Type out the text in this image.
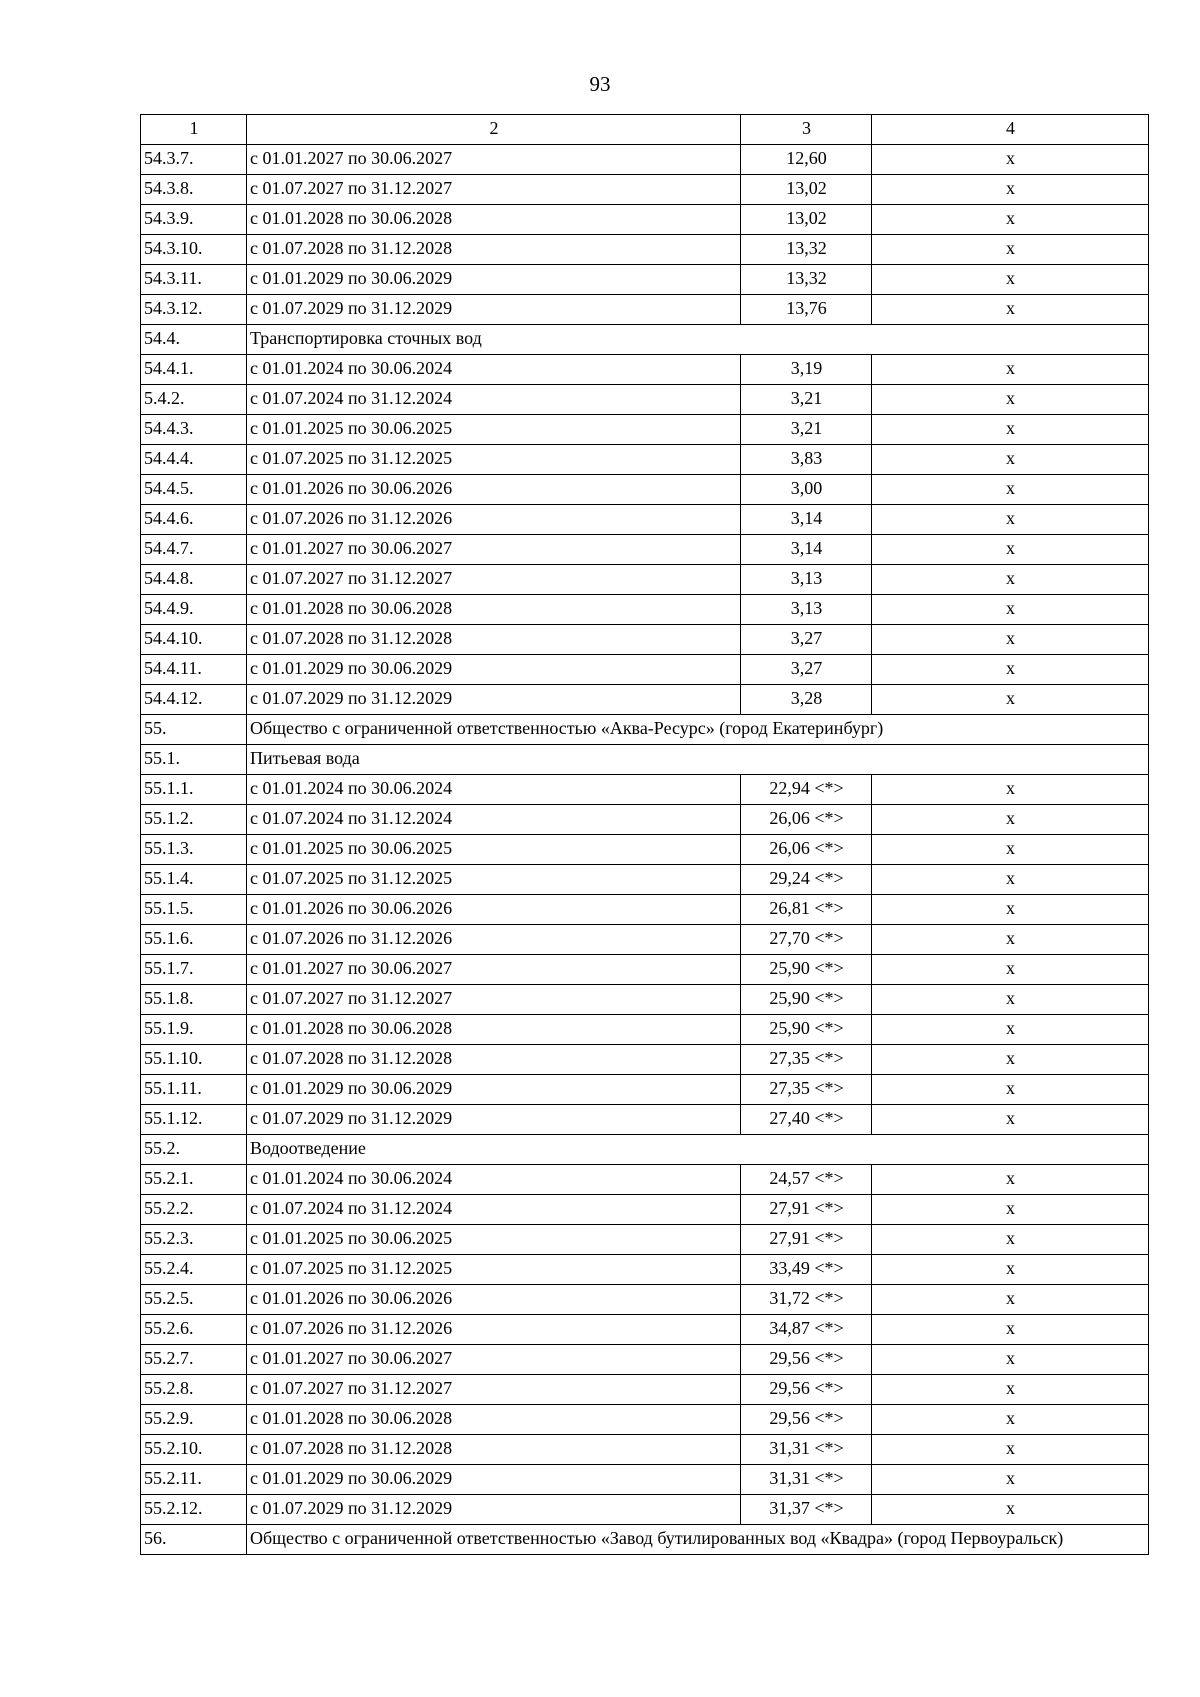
93
1	2	3	4
54.3.7.	с 01.01.2027 по 30.06.2027	12,60	х
54.3.8.	с 01.07.2027 по 31.12.2027	13,02	х
54.3.9.	с 01.01.2028 по 30.06.2028	13,02	х
54.3.10.	с 01.07.2028 по 31.12.2028	13,32	х
54.3.11.	с 01.01.2029 по 30.06.2029	13,32	х
54.3.12.	с 01.07.2029 по 31.12.2029	13,76	х
54.4.	Транспортировка сточных вод		
54.4.1.	с 01.01.2024 по 30.06.2024	3,19	х
5.4.2.	с 01.07.2024 по 31.12.2024	3,21	х
54.4.3.	с 01.01.2025 по 30.06.2025	3,21	х
54.4.4.	с 01.07.2025 по 31.12.2025	3,83	х
54.4.5.	с 01.01.2026 по 30.06.2026	3,00	х
54.4.6.	с 01.07.2026 по 31.12.2026	3,14	х
54.4.7.	с 01.01.2027 по 30.06.2027	3,14	х
54.4.8.	с 01.07.2027 по 31.12.2027	3,13	х
54.4.9.	с 01.01.2028 по 30.06.2028	3,13	х
54.4.10.	с 01.07.2028 по 31.12.2028	3,27	х
54.4.11.	с 01.01.2029 по 30.06.2029	3,27	х
54.4.12.	с 01.07.2029 по 31.12.2029	3,28	х
55.	Общество с ограниченной ответственностью «Аква-Ресурс» (город Екатеринбург)		
55.1.	Питьевая вода		
55.1.1.	с 01.01.2024 по 30.06.2024	22,94 <*>	х
55.1.2.	с 01.07.2024 по 31.12.2024	26,06 <*>	х
55.1.3.	с 01.01.2025 по 30.06.2025	26,06 <*>	х
55.1.4.	с 01.07.2025 по 31.12.2025	29,24 <*>	х
55.1.5.	с 01.01.2026 по 30.06.2026	26,81 <*>	х
55.1.6.	с 01.07.2026 по 31.12.2026	27,70 <*>	х
55.1.7.	с 01.01.2027 по 30.06.2027	25,90 <*>	х
55.1.8.	с 01.07.2027 по 31.12.2027	25,90 <*>	х
55.1.9.	с 01.01.2028 по 30.06.2028	25,90 <*>	х
55.1.10.	с 01.07.2028 по 31.12.2028	27,35 <*>	х
55.1.11.	с 01.01.2029 по 30.06.2029	27,35 <*>	х
55.1.12.	с 01.07.2029 по 31.12.2029	27,40 <*>	х
55.2.	Водоотведение		
55.2.1.	с 01.01.2024 по 30.06.2024	24,57 <*>	х
55.2.2.	с 01.07.2024 по 31.12.2024	27,91 <*>	х
55.2.3.	с 01.01.2025 по 30.06.2025	27,91 <*>	х
55.2.4.	с 01.07.2025 по 31.12.2025	33,49 <*>	х
55.2.5.	с 01.01.2026 по 30.06.2026	31,72 <*>	х
55.2.6.	с 01.07.2026 по 31.12.2026	34,87 <*>	х
55.2.7.	с 01.01.2027 по 30.06.2027	29,56 <*>	х
55.2.8.	с 01.07.2027 по 31.12.2027	29,56 <*>	х
55.2.9.	с 01.01.2028 по 30.06.2028	29,56 <*>	х
55.2.10.	с 01.07.2028 по 31.12.2028	31,31 <*>	х
55.2.11.	с 01.01.2029 по 30.06.2029	31,31 <*>	х
55.2.12.	с 01.07.2029 по 31.12.2029	31,37 <*>	х
56.	Общество с ограниченной ответственностью «Завод бутилированных вод «Квадра» (город Первоуральск)		
